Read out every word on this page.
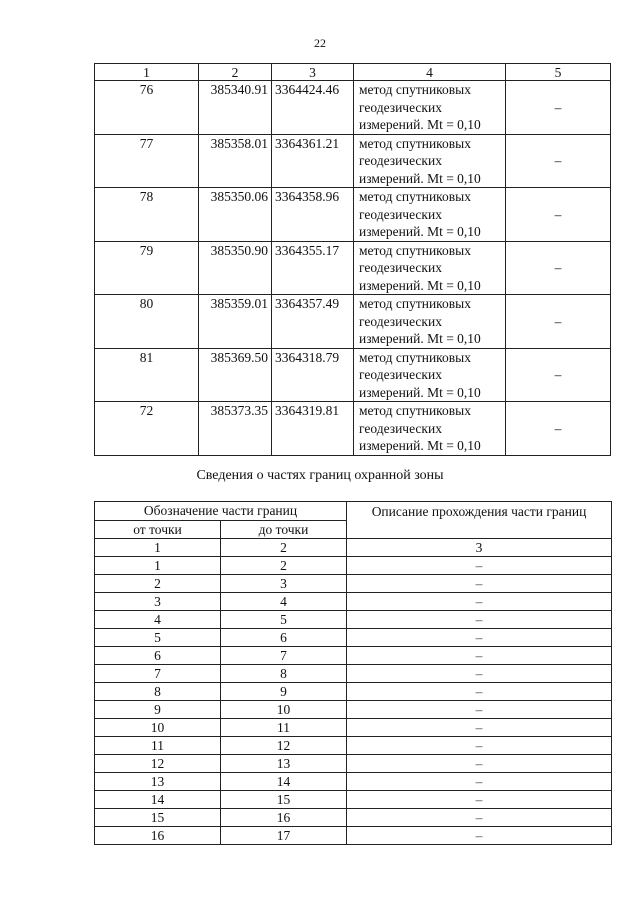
22
1	2	3	4	5
76	385340.91	3364424.46	метод спутниковых
геодезических
измерений. Mt = 0,10	–
77	385358.01	3364361.21	метод спутниковых
геодезических
измерений. Mt = 0,10	–
78	385350.06	3364358.96	метод спутниковых
геодезических
измерений. Mt = 0,10	–
79	385350.90	3364355.17	метод спутниковых
геодезических
измерений. Mt = 0,10	–
80	385359.01	3364357.49	метод спутниковых
геодезических
измерений. Mt = 0,10	–
81	385369.50	3364318.79	метод спутниковых
геодезических
измерений. Mt = 0,10	–
72	385373.35	3364319.81	метод спутниковых
геодезических
измерений. Mt = 0,10	–
Сведения о частях границ охранной зоны
Обозначение части границ		Описание прохождения части границ
от точки	до точки	
1	2	3
1	2	–
2	3	–
3	4	–
4	5	–
5	6	–
6	7	–
7	8	–
8	9	–
9	10	–
10	11	–
11	12	–
12	13	–
13	14	–
14	15	–
15	16	–
16	17	–
